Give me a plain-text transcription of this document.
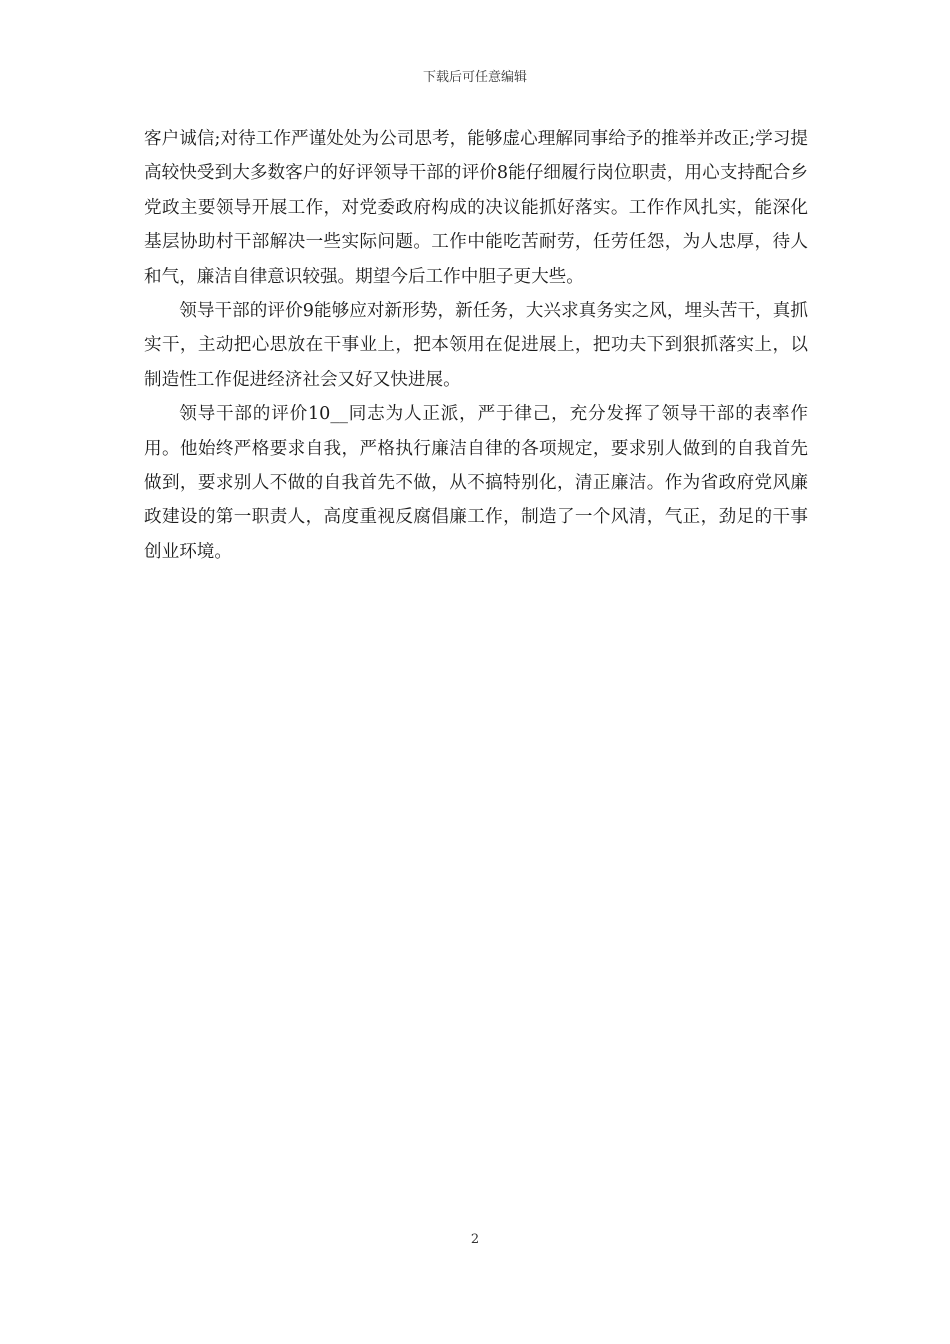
下载后可任意编辑

客户诚信;对待工作严谨处处为公司思考，能够虚心理解同事给予的推举并改正;学习提高较快受到大多数客户的好评领导干部的评价8能仔细履行岗位职责，用心支持配合乡党政主要领导开展工作，对党委政府构成的决议能抓好落实。工作作风扎实，能深化基层协助村干部解决一些实际问题。工作中能吃苦耐劳，任劳任怨，为人忠厚，待人和气，廉洁自律意识较强。期望今后工作中胆子更大些。

领导干部的评价9能够应对新形势，新任务，大兴求真务实之风，埋头苦干，真抓实干，主动把心思放在干事业上，把本领用在促进展上，把功夫下到狠抓落实上，以制造性工作促进经济社会又好又快进展。

领导干部的评价10__同志为人正派，严于律己，充分发挥了领导干部的表率作用。他始终严格要求自我，严格执行廉洁自律的各项规定，要求别人做到的自我首先做到，要求别人不做的自我首先不做，从不搞特别化，清正廉洁。作为省政府党风廉政建设的第一职责人，高度重视反腐倡廉工作，制造了一个风清，气正，劲足的干事创业环境。

2
